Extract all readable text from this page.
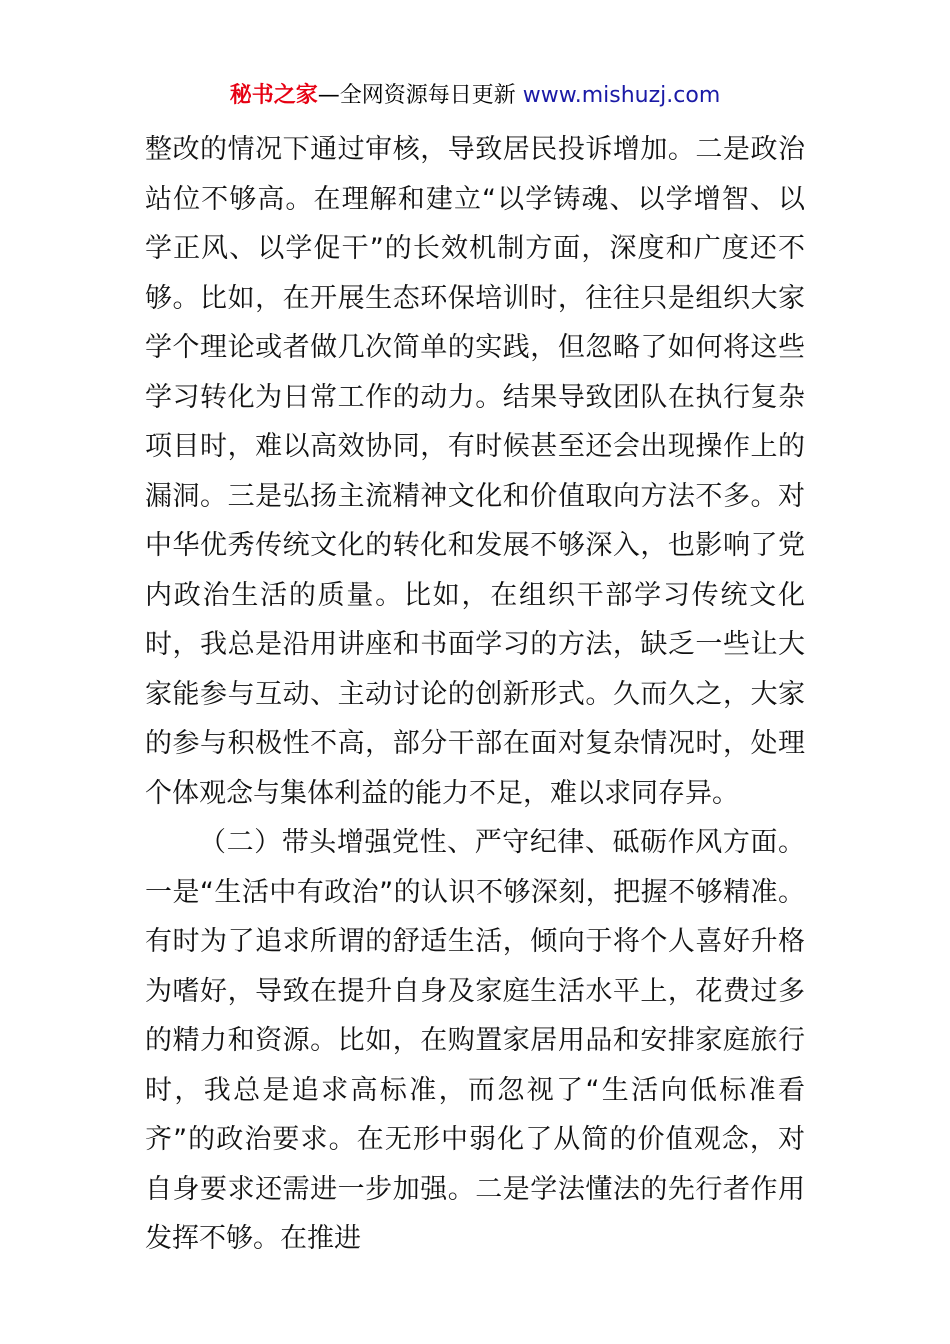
秘书之家—全网资源每日更新 www.mishuzj.com

整改的情况下通过审核，导致居民投诉增加。二是政治站位不够高。在理解和建立“以学铸魂、以学增智、以学正风、以学促干”的长效机制方面，深度和广度还不够。比如，在开展生态环保培训时，往往只是组织大家学个理论或者做几次简单的实践，但忽略了如何将这些学习转化为日常工作的动力。结果导致团队在执行复杂项目时，难以高效协同，有时候甚至还会出现操作上的漏洞。三是弘扬主流精神文化和价值取向方法不多。对中华优秀传统文化的转化和发展不够深入，也影响了党内政治生活的质量。比如，在组织干部学习传统文化时，我总是沿用讲座和书面学习的方法，缺乏一些让大家能参与互动、主动讨论的创新形式。久而久之，大家的参与积极性不高，部分干部在面对复杂情况时，处理个体观念与集体利益的能力不足，难以求同存异。

（二）带头增强党性、严守纪律、砥砺作风方面。一是“生活中有政治”的认识不够深刻，把握不够精准。有时为了追求所谓的舒适生活，倾向于将个人喜好升格为嗜好，导致在提升自身及家庭生活水平上，花费过多的精力和资源。比如，在购置家居用品和安排家庭旅行时，我总是追求高标准，而忽视了“生活向低标准看齐”的政治要求。在无形中弱化了从简的价值观念，对自身要求还需进一步加强。二是学法懂法的先行者作用发挥不够。在推进
